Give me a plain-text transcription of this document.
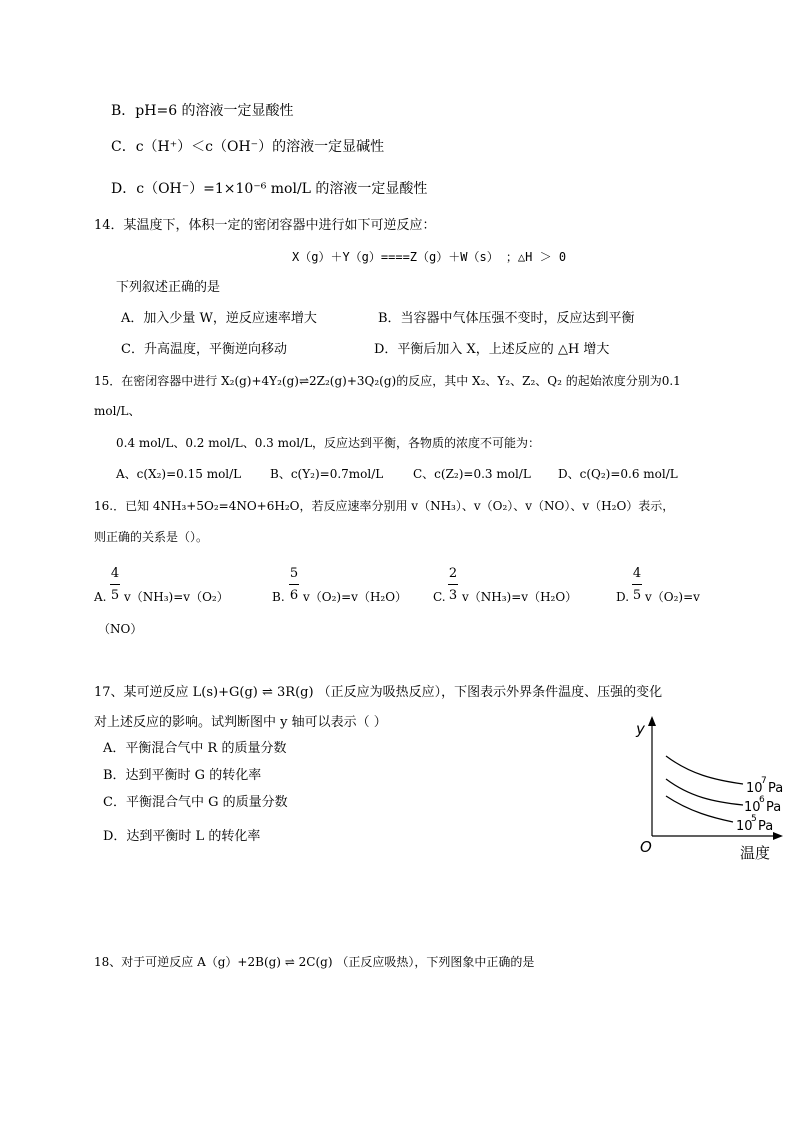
B．pH=6 的溶液一定显酸性
C．c（H⁺）＜c（OH⁻）的溶液一定显碱性
D．c（OH⁻）=1×10⁻⁶ mol/L 的溶液一定显酸性
14．某温度下，体积一定的密闭容器中进行如下可逆反应：
X（g）＋Y（g）====Z（g）＋W（s） ；△H ＞ 0
下列叙述正确的是
A．加入少量 W，逆反应速率增大	B．当容器中气体压强不变时，反应达到平衡
C．升高温度，平衡逆向移动	D．平衡后加入 X，上述反应的 △H 增大
15．在密闭容器中进行 X₂(g)+4Y₂(g)⇌2Z₂(g)+3Q₂(g)的反应，其中 X₂、Y₂、Z₂、Q₂ 的起始浓度分别为0.1
mol/L、
0.4 mol/L、0.2 mol/L、0.3 mol/L，反应达到平衡，各物质的浓度不可能为：
A、c(X₂)=0.15 mol/L B、c(Y₂)=0.7mol/L C、c(Z₂)=0.3 mol/L D、c(Q₂)=0.6 mol/L
16.．已知 4NH₃+5O₂=4NO+6H₂O，若反应速率分别用 v（NH₃）、v（O₂）、v（NO）、v（H₂O）表示，
则正确的关系是（）。
A.
4
5 v（NH₃)=v（O₂）	B.
5
6 v（O₂)=v（H₂O） C.
2
3 v（NH₃)=v（H₂O）	D.
4
5 v（O₂)=v
（NO）
17、某可逆反应 L(s)+G(g) ⇌ 3R(g) （正反应为吸热反应），下图表示外界条件温度、压强的变化
对上述反应的影响。试判断图中 y 轴可以表示（ ）
A．平衡混合气中 R 的质量分数
B．达到平衡时 G 的转化率
C．平衡混合气中 G 的质量分数
D．达到平衡时 L 的转化率
y
O	温度
10
7 Pa
10
6 Pa
10
5 Pa
18、对于可逆反应 A（g）+2B(g) ⇌ 2C(g) （正反应吸热），下列图象中正确的是
